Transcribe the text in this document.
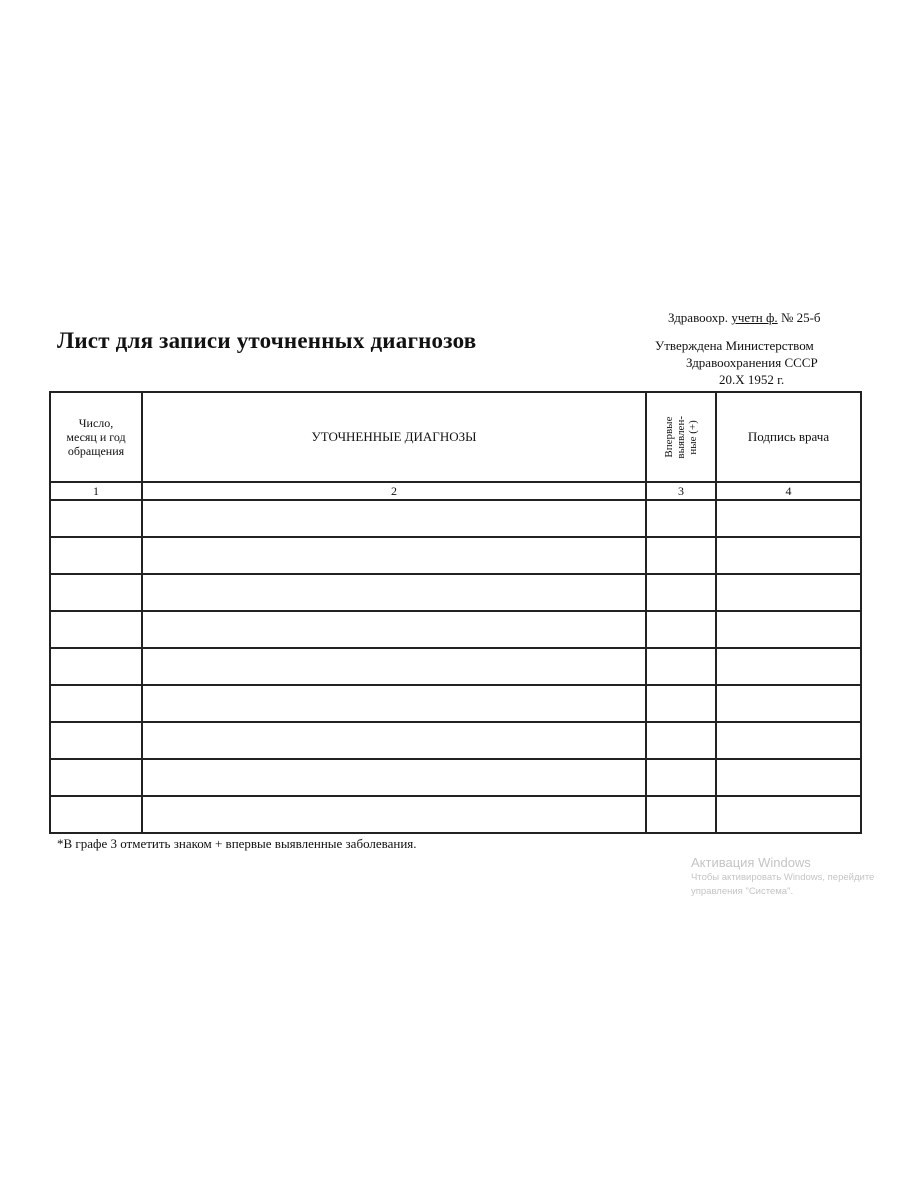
Здравоохр. учетн ф. № 25-б
Лист для записи уточненных диагнозов	Утверждена Министерством
Здравоохранения СССР
20.X 1952 г.
Число,
месяц и год
обращения	УТОЧНЕННЫЕ ДИАГНОЗЫ	Впервые
выявлен-
ные (+)	Подпись врача
1	2	3	4

*В графе 3 отметить знаком + впервые выявленные заболевания.
Активация Windows
Чтобы активировать Windows, перейдите
управления "Система".
